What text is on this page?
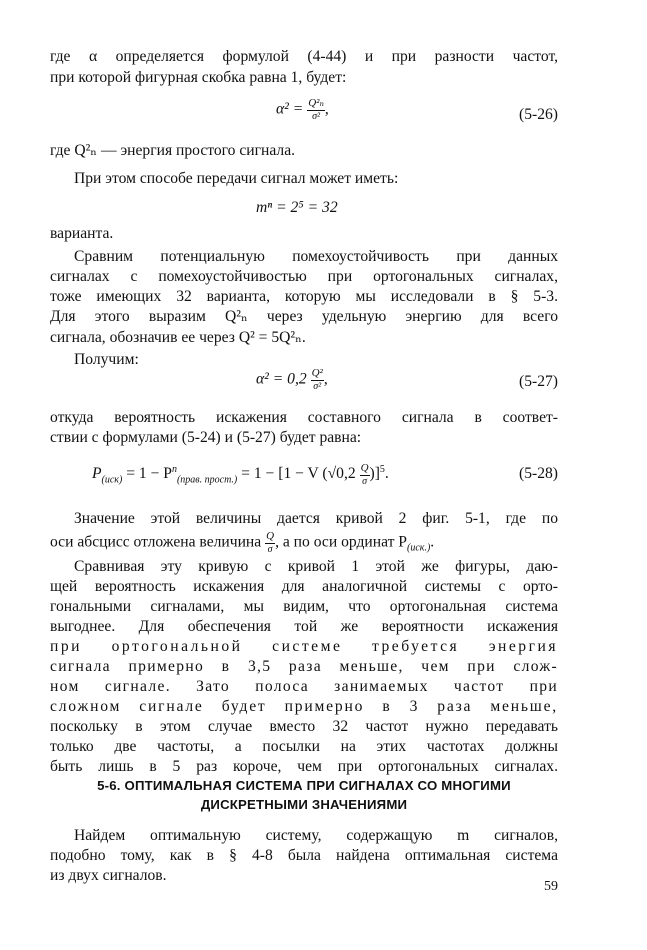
где α определяется формулой (4-44) и при разности частот,
при которой фигурная скобка равна 1, будет:
$\alpha^2 = \frac{\text{Q²ₙ}}{\text{σ²}}$ ,	(5-26)
где Q²ₙ — энергия простого сигнала.
При этом способе передачи сигнал может иметь:
mⁿ = 2⁵ = 32
варианта.
Сравним потенциальную помехоустойчивость при данных
сигналах с помехоустойчивостью при ортогональных сигналах,
тоже имеющих 32 варианта, которую мы исследовали в § 5-3.
Для этого выразим Q²ₙ через удельную энергию для всего
сигнала, обозначив ее через Q² = 5Q²ₙ.
Получим:
$\alpha^2 = 0,2 \frac{\text{Q²}}{\text{σ²}}$ ,	(5-27)
откуда вероятность искажения составного сигнала в соответ-
ствии с формулами (5-24) и (5-27) будет равна:
$P_{(иск)} = 1 - P^n_{(прав. прост.)} = 1 - [1 - V$ $(√0,2 \frac{Q}{\sigma} )]^5$.	(5-28)
Значение этой величины дается кривой 2 фиг. 5-1, где по
оси абсцисс отложена величина $\frac{Q}{\sigma}$ , а по оси ординат $P_{(иск.)}$.
Сравнивая эту кривую с кривой 1 этой же фигуры, даю-
щей вероятность искажения для аналогичной системы с орто-
гональными сигналами, мы видим, что ортогональная система
выгоднее. Для обеспечения той же вероятности искажения
при ортогональной системе требуется энергия
сигнала примерно в 3,5 раза меньше, чем при слож-
ном сигнале. Зато полоса занимаемых частот при
сложном сигнале будет примерно в 3 раза меньше,
поскольку в этом случае вместо 32 частот нужно передавать
только две частоты, а посылки на этих частотах должны
быть лишь в 5 раз короче, чем при ортогональных сигналах.
5-6. ОПТИМАЛЬНАЯ СИСТЕМА ПРИ СИГНАЛАХ СО МНОГИМИ
ДИСКРЕТНЫМИ ЗНАЧЕНИЯМИ
Найдем оптимальную систему, содержащую m сигналов,
подобно тому, как в § 4-8 была найдена оптимальная система
из двух сигналов.
59
